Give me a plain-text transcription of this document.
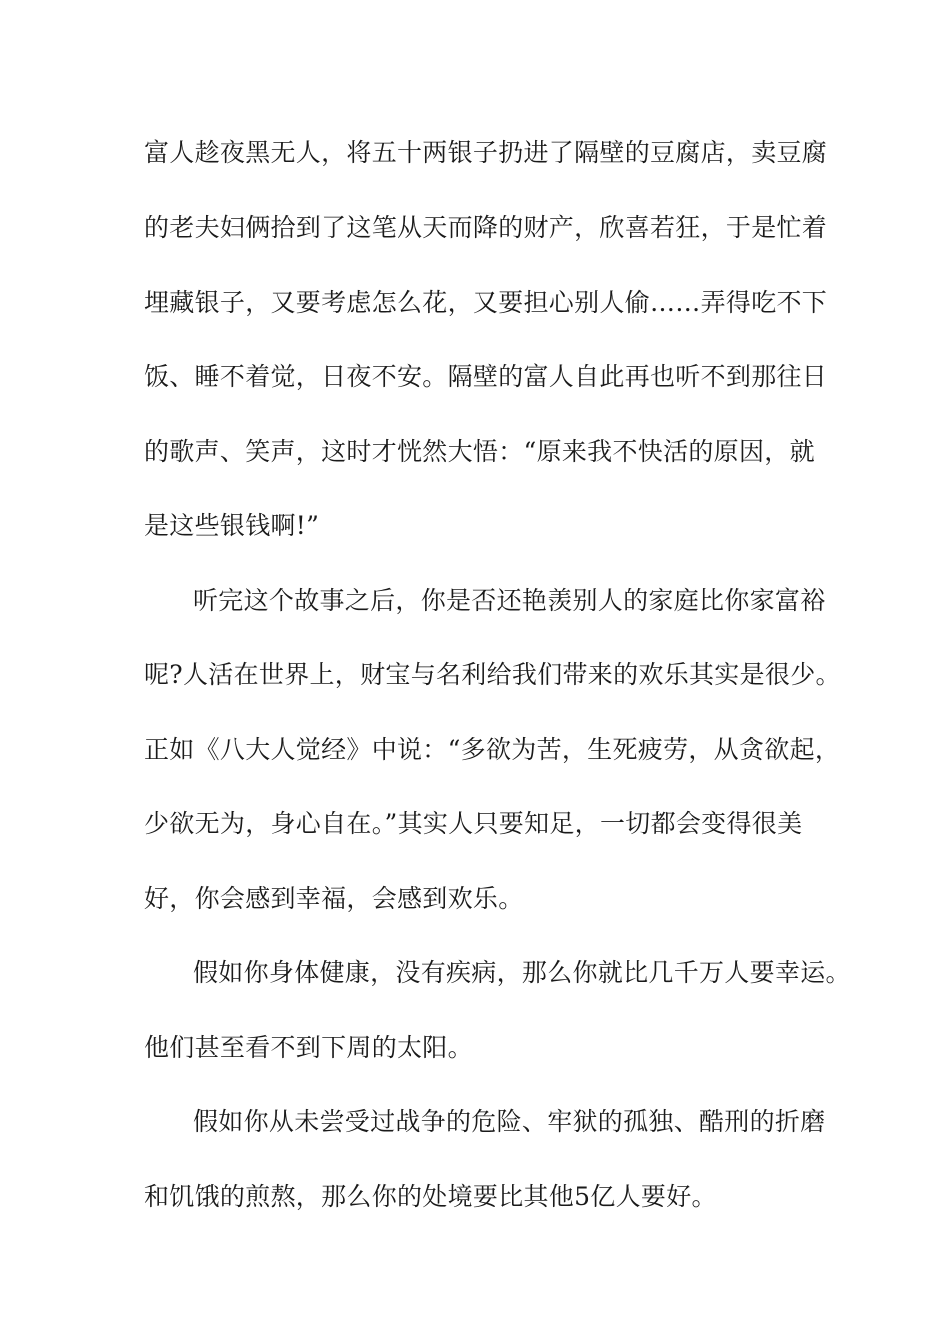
富人趁夜黑无人，将五十两银子扔进了隔壁的豆腐店，卖豆腐
的老夫妇俩拾到了这笔从天而降的财产，欣喜若狂，于是忙着
埋藏银子，又要考虑怎么花，又要担心别人偷……弄得吃不下
饭、睡不着觉，日夜不安。隔壁的富人自此再也听不到那往日
的歌声、笑声，这时才恍然大悟：“原来我不快活的原因，就
是这些银钱啊!”
听完这个故事之后，你是否还艳羡别人的家庭比你家富裕
呢?人活在世界上，财宝与名利给我们带来的欢乐其实是很少。
正如《八大人觉经》中说：“多欲为苦，生死疲劳，从贪欲起，
少欲无为，身心自在。”其实人只要知足，一切都会变得很美
好，你会感到幸福，会感到欢乐。
假如你身体健康，没有疾病，那么你就比几千万人要幸运。
他们甚至看不到下周的太阳。
假如你从未尝受过战争的危险、牢狱的孤独、酷刑的折磨
和饥饿的煎熬，那么你的处境要比其他5亿人要好。
